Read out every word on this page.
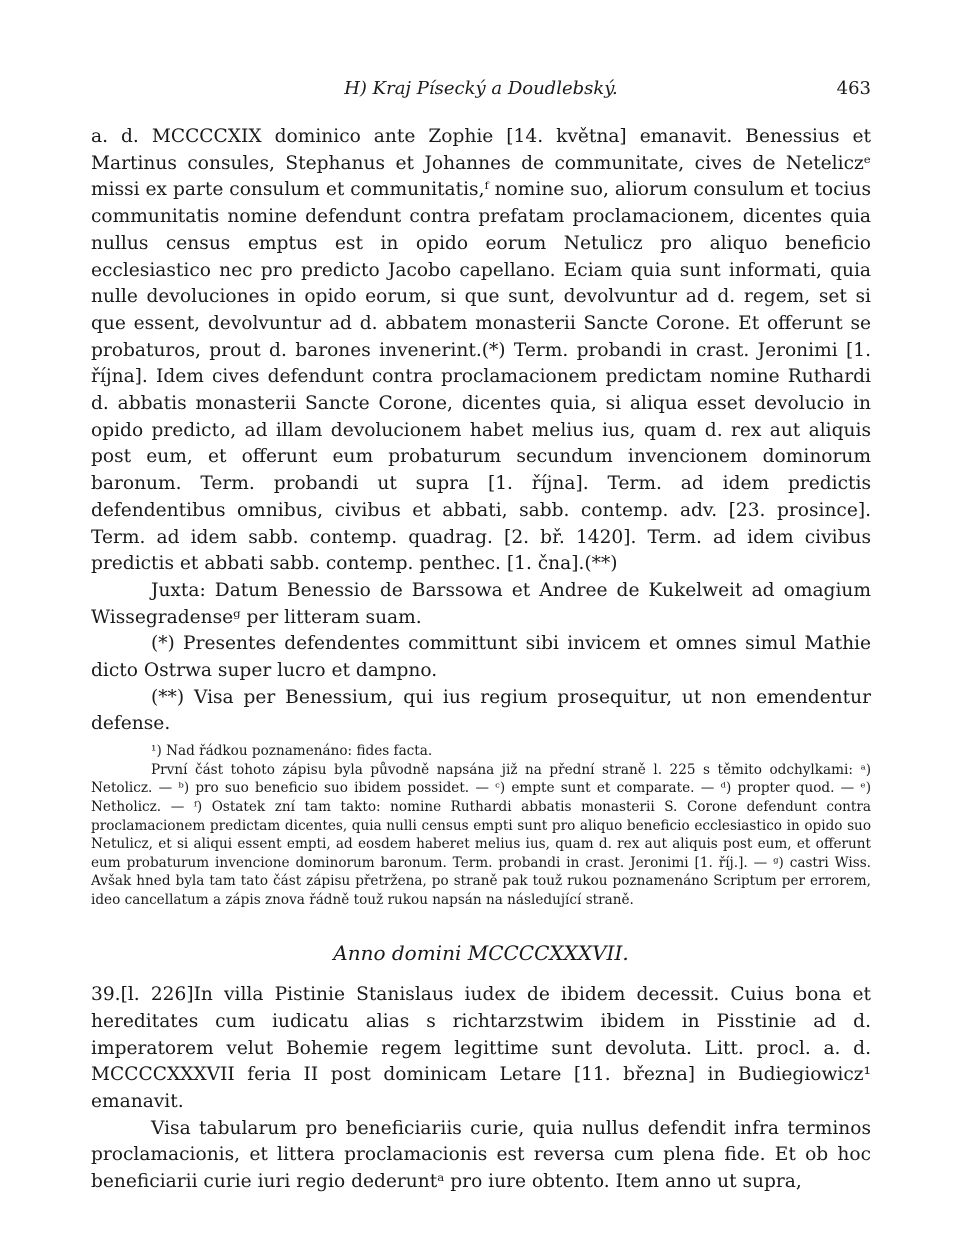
H) Kraj Písecký a Doudlebský.	463

a. d. MCCCCXIX dominico ante Zophie [14. května] emanavit. Benessius et Martinus consules, Stephanus et Johannes de communitate, cives de Neteliczᵉ missi ex parte consulum et communitatis,ᶠ nomine suo, aliorum consulum et tocius communitatis nomine defendunt contra prefatam proclamacionem, dicentes quia nullus census emptus est in opido eorum Netulicz pro aliquo beneficio ecclesiastico nec pro predicto Jacobo capellano. Eciam quia sunt informati, quia nulle devoluciones in opido eorum, si que sunt, devolvuntur ad d. regem, set si que essent, devolvuntur ad d. abbatem monasterii Sancte Corone. Et offerunt se probaturos, prout d. barones invenerint.(*) Term. probandi in crast. Jeronimi [1. října]. Idem cives defendunt contra proclamacionem predictam nomine Ruthardi d. abbatis monasterii Sancte Corone, dicentes quia, si aliqua esset devolucio in opido predicto, ad illam devolucionem habet melius ius, quam d. rex aut aliquis post eum, et offerunt eum probaturum secundum invencionem dominorum baronum. Term. probandi ut supra [1. října]. Term. ad idem predictis defendentibus omnibus, civibus et abbati, sabb. contemp. adv. [23. prosince]. Term. ad idem sabb. contemp. quadrag. [2. bř. 1420]. Term. ad idem civibus predictis et abbati sabb. contemp. penthec. [1. čna].(**)

Juxta: Datum Benessio de Barssowa et Andree de Kukelweit ad omagium Wissegradenseᵍ per litteram suam.

(*) Presentes defendentes committunt sibi invicem et omnes simul Mathie dicto Ostrwa super lucro et dampno.

(**) Visa per Benessium, qui ius regium prosequitur, ut non emendentur defense.

¹) Nad řádkou poznamenáno: fides facta.

První část tohoto zápisu byla původně napsána již na přední straně l. 225 s těmito odchylkami: ᵃ) Netolicz. — ᵇ) pro suo beneficio suo ibidem possidet. — ᶜ) empte sunt et comparate. — ᵈ) propter quod. — ᵉ) Netholicz. — ᶠ) Ostatek zní tam takto: nomine Ruthardi abbatis monasterii S. Corone defendunt contra proclamacionem predictam dicentes, quia nulli census empti sunt pro aliquo beneficio ecclesiastico in opido suo Netulicz, et si aliqui essent empti, ad eosdem haberet melius ius, quam d. rex aut aliquis post eum, et offerunt eum probaturum invencione dominorum baronum. Term. probandi in crast. Jeronimi [1. říj.]. — ᵍ) castri Wiss. Avšak hned byla tam tato část zápisu přetržena, po straně pak touž rukou poznamenáno Scriptum per errorem, ideo cancellatum a zápis znova řádně touž rukou napsán na následující straně.

Anno domini MCCCCXXXVII.

39.[l. 226]In villa Pistinie Stanislaus iudex de ibidem decessit. Cuius bona et hereditates cum iudicatu alias s richtarzstwim ibidem in Pisstinie ad d. imperatorem velut Bohemie regem legittime sunt devoluta. Litt. procl. a. d. MCCCCXXXVII feria II post dominicam Letare [11. března] in Budiegiowicz¹ emanavit.

Visa tabularum pro beneficiariis curie, quia nullus defendit infra terminos proclamacionis, et littera proclamacionis est reversa cum plena fide. Et ob hoc beneficiarii curie iuri regio dederuntᵃ pro iure obtento. Item anno ut supra,
